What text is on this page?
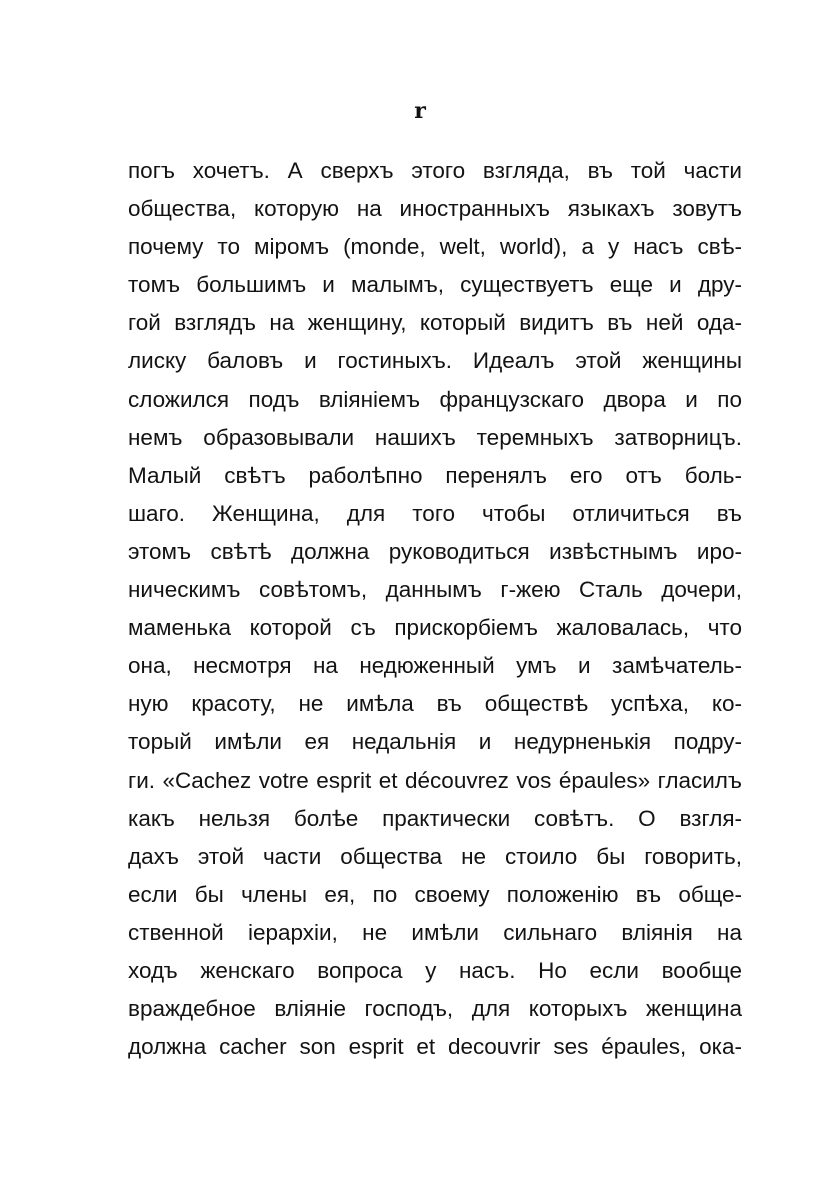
r
погъ хочетъ. А сверхъ этого взгляда, въ той части
общества, которую на иностранныхъ языкахъ зовутъ
почему то міромъ (monde, welt, world), а у насъ свѣ-
томъ большимъ и малымъ, существуетъ еще и дру-
гой взглядъ на женщину, который видитъ въ ней ода-
лиску баловъ и гостиныхъ. Идеалъ этой женщины
сложился подъ вліяніемъ французскаго двора и по
немъ образовывали нашихъ теремныхъ затворницъ.
Малый свѣтъ раболѣпно перенялъ его отъ боль-
шаго. Женщина, для того чтобы отличиться въ
этомъ свѣтѣ должна руководиться извѣстнымъ иро-
ническимъ совѣтомъ, даннымъ г-жею Сталь дочери,
маменька которой съ прискорбіемъ жаловалась, что
она, несмотря на недюженный умъ и замѣчатель-
ную красоту, не имѣла въ обществѣ успѣха, ко-
торый имѣли ея недальнія и недурненькія подру-
ги. «Cachez votre esprit et découvrez vos épaules» гласилъ
какъ нельзя болѣе практически совѣтъ. О взгля-
дахъ этой части общества не стоило бы говорить,
если бы члены ея, по своему положенію въ обще-
ственной іерархіи, не имѣли сильнаго вліянія на
ходъ женскаго вопроса у насъ. Но если вообще
враждебное вліяніе господъ, для которыхъ женщина
должна cacher son esprit et decouvrir ses épaules, ока-
